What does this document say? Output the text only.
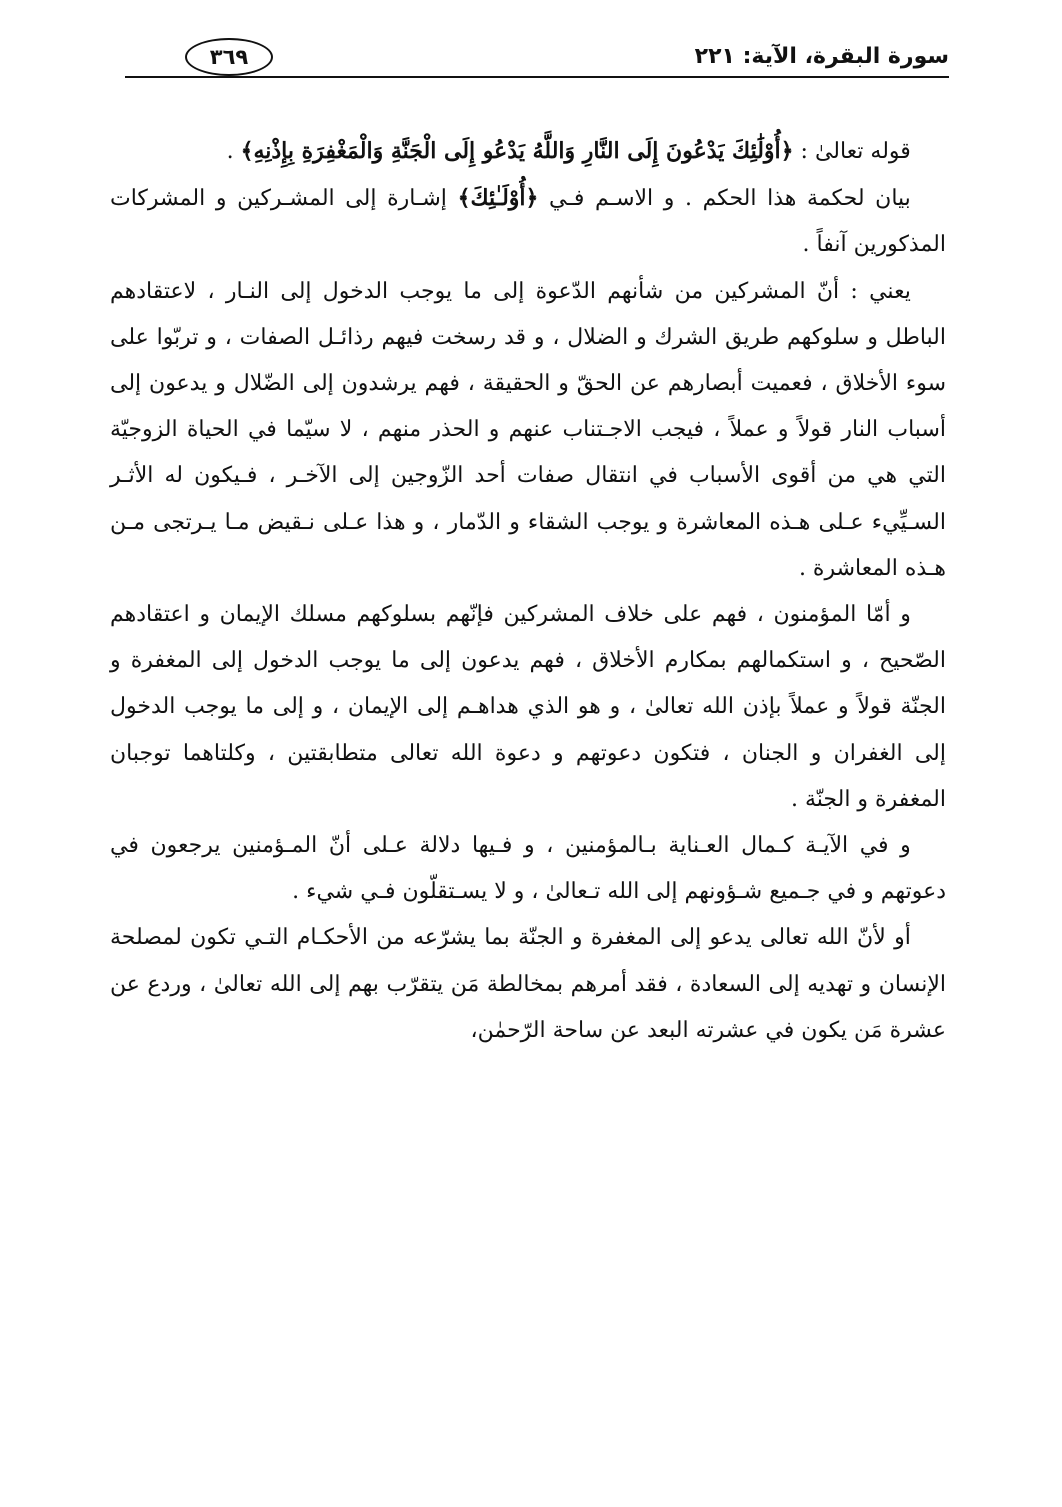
سورة البقرة، الآية: ٢٢١
٣٦٩

قوله تعالىٰ : ﴿أُوْلَٰئِكَ يَدْعُونَ إِلَى النَّارِ وَاللَّهُ يَدْعُو إِلَى الْجَنَّةِ وَالْمَغْفِرَةِ بِإِذْنِهِ﴾ .

بيان لحكمة هذا الحكم . و الاسـم فـي ﴿أُوْلَـٰئِكَ﴾ إشـارة إلى المشـركين و المشركات المذكورين آنفاً .

يعني : أنّ المشركين من شأنهم الدّعوة إلى ما يوجب الدخول إلى النـار ، لاعتقادهم الباطل و سلوكهم طريق الشرك و الضلال ، و قد رسخت فيهم رذائـل الصفات ، و تربّوا على سوء الأخلاق ، فعميت أبصارهم عن الحقّ و الحقيقة ، فهم يرشدون إلى الضّلال و يدعون إلى أسباب النار قولاً و عملاً ، فيجب الاجـتناب عنهم و الحذر منهم ، لا سيّما في الحياة الزوجيّة التي هي من أقوى الأسباب في انتقال صفات أحد الزّوجين إلى الآخـر ، فـيكون له الأثـر السـيِّيء عـلى هـذه المعاشرة و يوجب الشقاء و الدّمار ، و هذا عـلى نـقيض مـا يـرتجى مـن هـذه المعاشرة .

و أمّا المؤمنون ، فهم على خلاف المشركين فإنّهم بسلوكهم مسلك الإيمان و اعتقادهم الصّحيح ، و استكمالهم بمكارم الأخلاق ، فهم يدعون إلى ما يوجب الدخول إلى المغفرة و الجنّة قولاً و عملاً بإذن الله تعالىٰ ، و هو الذي هداهـم إلى الإيمان ، و إلى ما يوجب الدخول إلى الغفران و الجنان ، فتكون دعوتهم و دعوة الله تعالى متطابقتين ، وكلتاهما توجبان المغفرة و الجنّة .

و في الآيـة كـمال العـناية بـالمؤمنين ، و فـيها دلالة عـلى أنّ المـؤمنين يرجعون في دعوتهم و في جـميع شـؤونهم إلى الله تـعالىٰ ، و لا يسـتقلّون فـي شيء .

أو لأنّ الله تعالى يدعو إلى المغفرة و الجنّة بما يشرّعه من الأحكـام التـي تكون لمصلحة الإنسان و تهديه إلى السعادة ، فقد أمرهم بمخالطة مَن يتقرّب بهم إلى الله تعالىٰ ، وردع عن عشرة مَن يكون في عشرته البعد عن ساحة الرّحمٰن،
